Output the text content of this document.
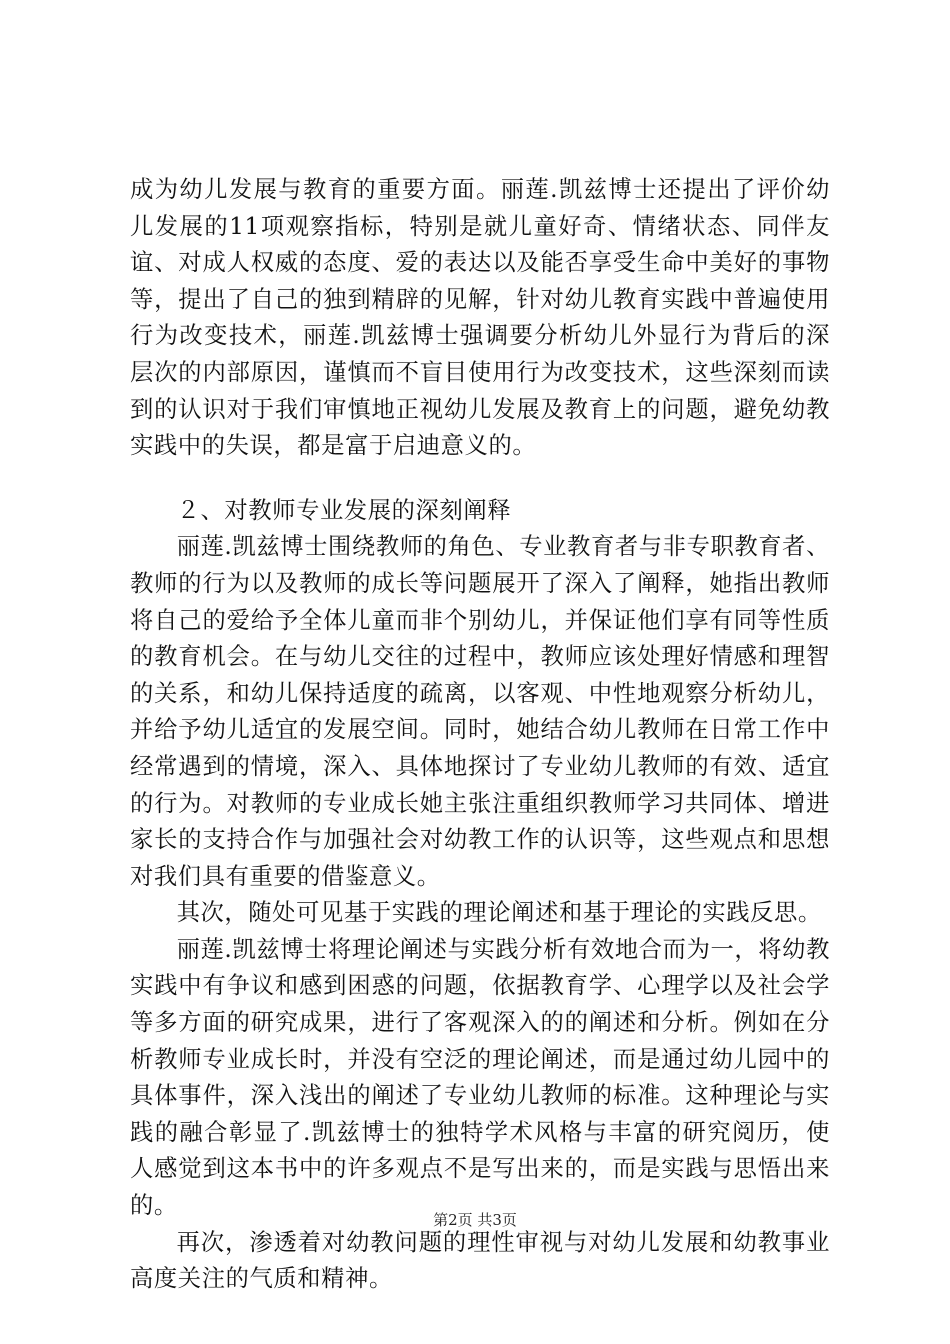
成为幼儿发展与教育的重要方面。丽莲.凯兹博士还提出了评价幼儿发展的11项观察指标，特别是就儿童好奇、情绪状态、同伴友谊、对成人权威的态度、爱的表达以及能否享受生命中美好的事物等，提出了自己的独到精辟的见解，针对幼儿教育实践中普遍使用行为改变技术，丽莲.凯兹博士强调要分析幼儿外显行为背后的深层次的内部原因，谨慎而不盲目使用行为改变技术，这些深刻而读到的认识对于我们审慎地正视幼儿发展及教育上的问题，避免幼教实践中的失误，都是富于启迪意义的。

２、对教师专业发展的深刻阐释

丽莲.凯兹博士围绕教师的角色、专业教育者与非专职教育者、教师的行为以及教师的成长等问题展开了深入了阐释，她指出教师将自己的爱给予全体儿童而非个别幼儿，并保证他们享有同等性质的教育机会。在与幼儿交往的过程中，教师应该处理好情感和理智的关系，和幼儿保持适度的疏离，以客观、中性地观察分析幼儿，并给予幼儿适宜的发展空间。同时，她结合幼儿教师在日常工作中经常遇到的情境，深入、具体地探讨了专业幼儿教师的有效、适宜的行为。对教师的专业成长她主张注重组织教师学习共同体、增进家长的支持合作与加强社会对幼教工作的认识等，这些观点和思想对我们具有重要的借鉴意义。

其次，随处可见基于实践的理论阐述和基于理论的实践反思。

丽莲.凯兹博士将理论阐述与实践分析有效地合而为一，将幼教实践中有争议和感到困惑的问题，依据教育学、心理学以及社会学等多方面的研究成果，进行了客观深入的的阐述和分析。例如在分析教师专业成长时，并没有空泛的理论阐述，而是通过幼儿园中的具体事件，深入浅出的阐述了专业幼儿教师的标准。这种理论与实践的融合彰显了.凯兹博士的独特学术风格与丰富的研究阅历，使人感觉到这本书中的许多观点不是写出来的，而是实践与思悟出来的。

再次，渗透着对幼教问题的理性审视与对幼儿发展和幼教事业高度关注的气质和精神。

第2页 共3页
